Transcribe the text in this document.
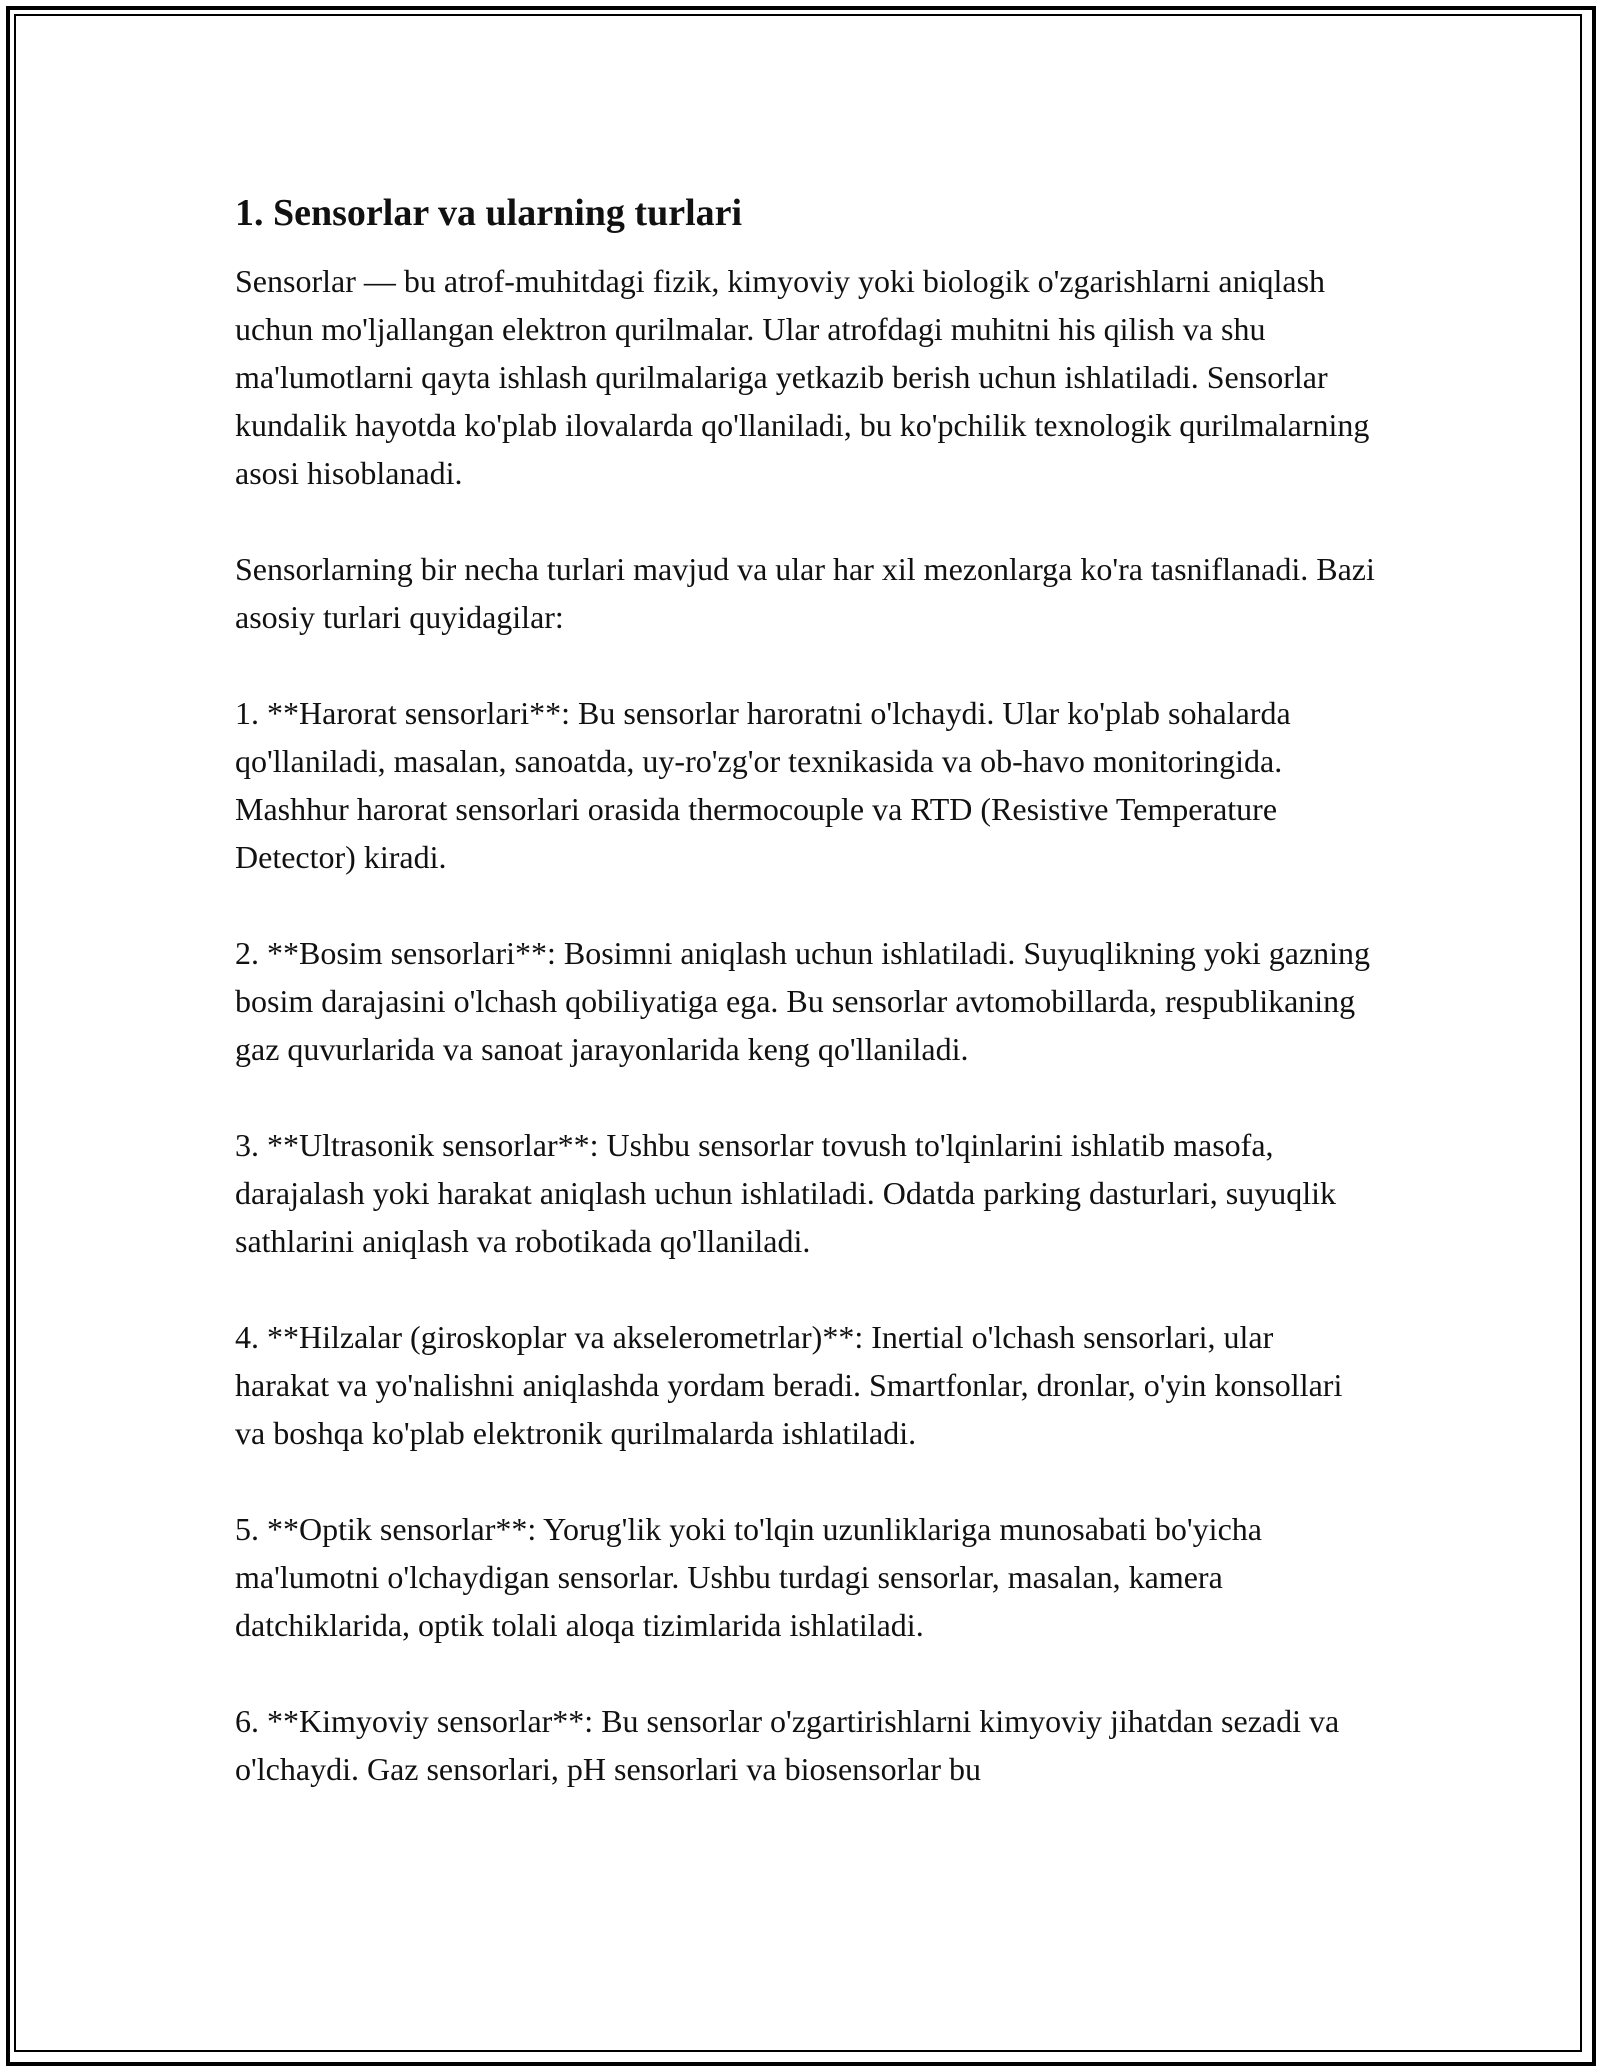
1. Sensorlar va ularning turlari

Sensorlar — bu atrof-muhitdagi fizik, kimyoviy yoki biologik o'zgarishlarni aniqlash uchun mo'ljallangan elektron qurilmalar. Ular atrofdagi muhitni his qilish va shu ma'lumotlarni qayta ishlash qurilmalariga yetkazib berish uchun ishlatiladi. Sensorlar kundalik hayotda ko'plab ilovalarda qo'llaniladi, bu ko'pchilik texnologik qurilmalarning asosi hisoblanadi.

Sensorlarning bir necha turlari mavjud va ular har xil mezonlarga ko'ra tasniflanadi. Bazi asosiy turlari quyidagilar:

1. **Harorat sensorlari**: Bu sensorlar haroratni o'lchaydi. Ular ko'plab sohalarda qo'llaniladi, masalan, sanoatda, uy-ro'zg'or texnikasida va ob-havo monitoringida. Mashhur harorat sensorlari orasida thermocouple va RTD (Resistive Temperature Detector) kiradi.

2. **Bosim sensorlari**: Bosimni aniqlash uchun ishlatiladi. Suyuqlikning yoki gazning bosim darajasini o'lchash qobiliyatiga ega. Bu sensorlar avtomobillarda, respublikaning gaz quvurlarida va sanoat jarayonlarida keng qo'llaniladi.

3. **Ultrasonik sensorlar**: Ushbu sensorlar tovush to'lqinlarini ishlatib masofa, darajalash yoki harakat aniqlash uchun ishlatiladi. Odatda parking dasturlari, suyuqlik sathlarini aniqlash va robotikada qo'llaniladi.

4. **Hilzalar (giroskoplar va akselerometrlar)**: Inertial o'lchash sensorlari, ular harakat va yo'nalishni aniqlashda yordam beradi. Smartfonlar, dronlar, o'yin konsollari va boshqa ko'plab elektronik qurilmalarda ishlatiladi.

5. **Optik sensorlar**: Yorug'lik yoki to'lqin uzunliklariga munosabati bo'yicha ma'lumotni o'lchaydigan sensorlar. Ushbu turdagi sensorlar, masalan, kamera datchiklarida, optik tolali aloqa tizimlarida ishlatiladi.

6. **Kimyoviy sensorlar**: Bu sensorlar o'zgartirishlarni kimyoviy jihatdan sezadi va o'lchaydi. Gaz sensorlari, pH sensorlari va biosensorlar bu
